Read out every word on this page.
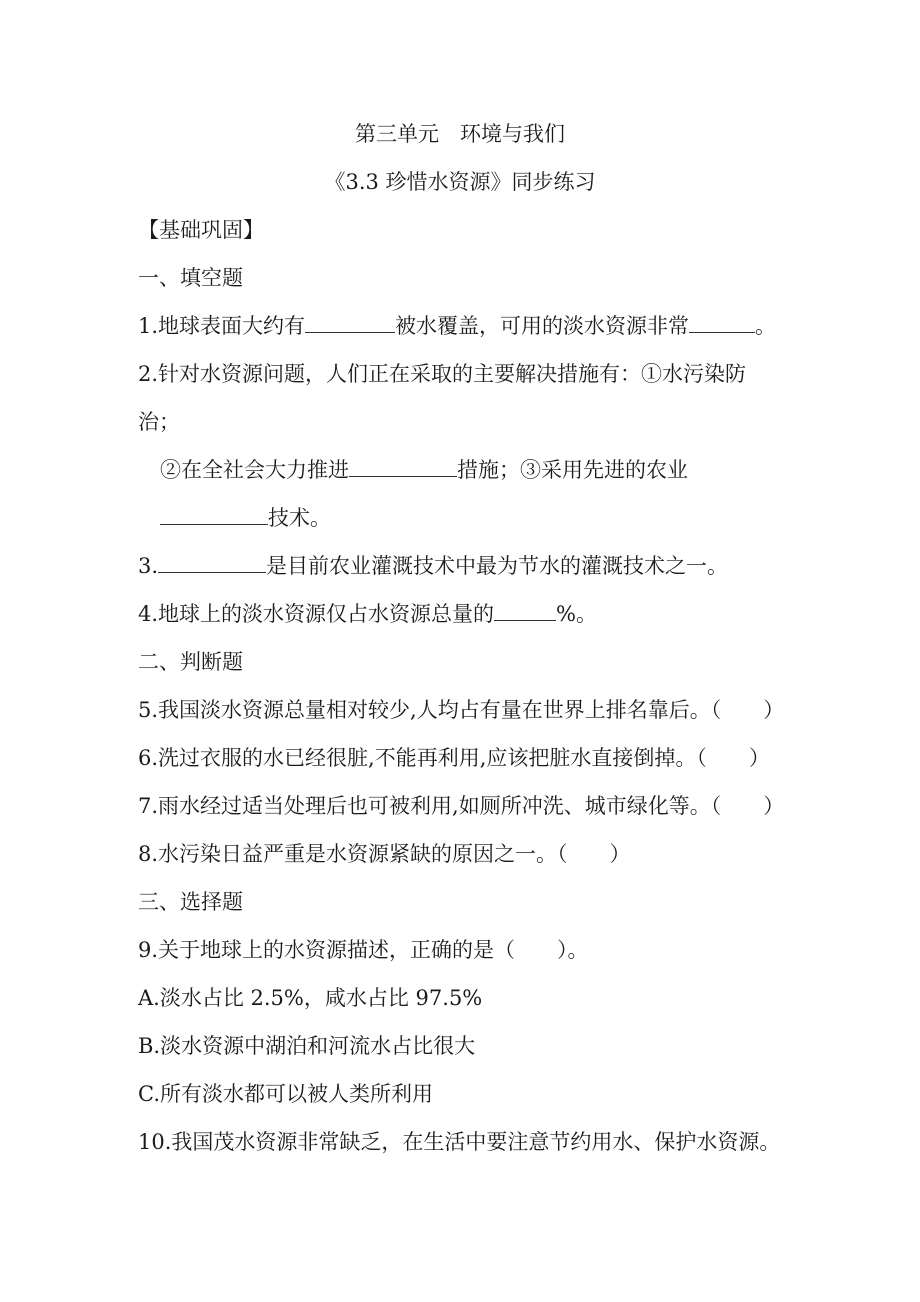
第三单元　环境与我们
《3.3 珍惜水资源》同步练习
【基础巩固】
一、填空题
1.地球表面大约有	被水覆盖，可用的淡水资源非常	。
2.针对水资源问题，人们正在采取的主要解决措施有：①水污染防
治；
②在全社会大力推进	措施；③采用先进的农业
技术。
3.	是目前农业灌溉技术中最为节水的灌溉技术之一。
4.地球上的淡水资源仅占水资源总量的	%。
二、判断题
5.我国淡水资源总量相对较少,人均占有量在世界上排名靠后。（　　）
6.洗过衣服的水已经很脏,不能再利用,应该把脏水直接倒掉。（　　）
7.雨水经过适当处理后也可被利用,如厕所冲洗、城市绿化等。（　　）
8.水污染日益严重是水资源紧缺的原因之一。（　　）
三、选择题
9.关于地球上的水资源描述，正确的是（　　）。
A.淡水占比 2.5%，咸水占比 97.5%
B.淡水资源中湖泊和河流水占比很大
C.所有淡水都可以被人类所利用
10.我国茂水资源非常缺乏，在生活中要注意节约用水、保护水资源。
